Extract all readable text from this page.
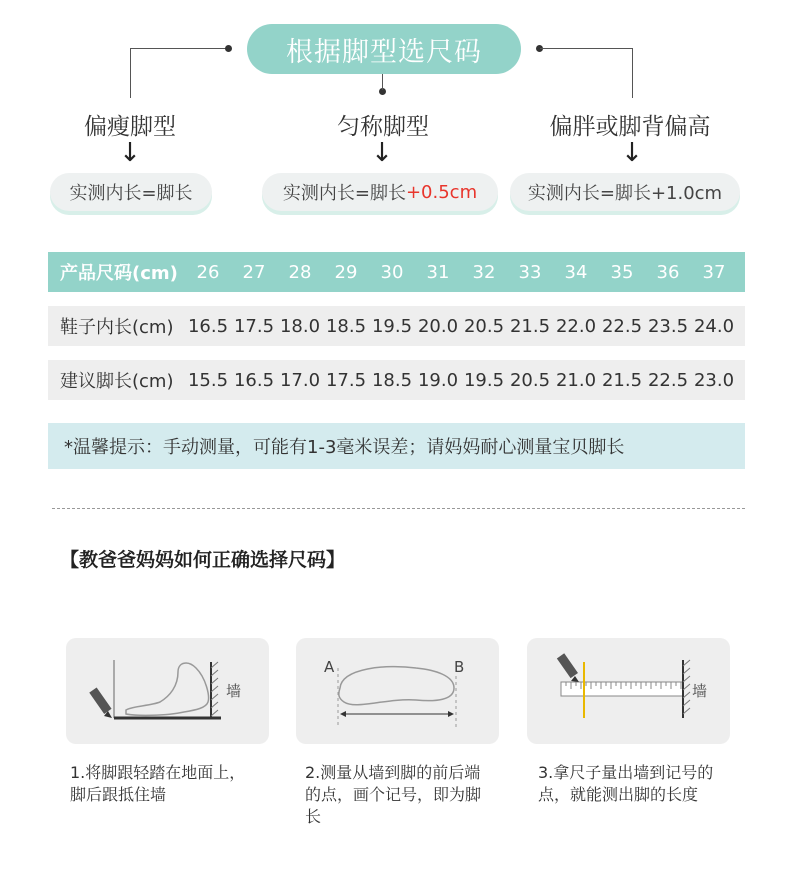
根据脚型选尺码
偏瘦脚型
↓
实测内长=脚长
匀称脚型
↓
实测内长=脚长 +0.5cm
偏胖或脚背偏高
↓
实测内长=脚长+1.0cm
产品尺码(cm)	26	27	28	29	30	31	32	33	34	35	36	37
鞋子内长(cm) 16.5 17.5 18.0 18.5 19.5 20.0 20.5 21.5 22.0 22.5 23.5 24.0
建议脚长(cm) 15.5 16.5 17.0 17.5 18.5 19.0 19.5 20.5 21.0 21.5 22.5 23.0
*温馨提示：手动测量，可能有1-3毫米误差；请妈妈耐心测量宝贝脚长
【教爸爸妈妈如何正确选择尺码】
墙
A	B
墙
1.将脚跟轻踏在地面上，脚后跟抵住墙
2.测量从墙到脚的前后端的点，画个记号，即为脚长
3.拿尺子量出墙到记号的点，就能测出脚的长度
